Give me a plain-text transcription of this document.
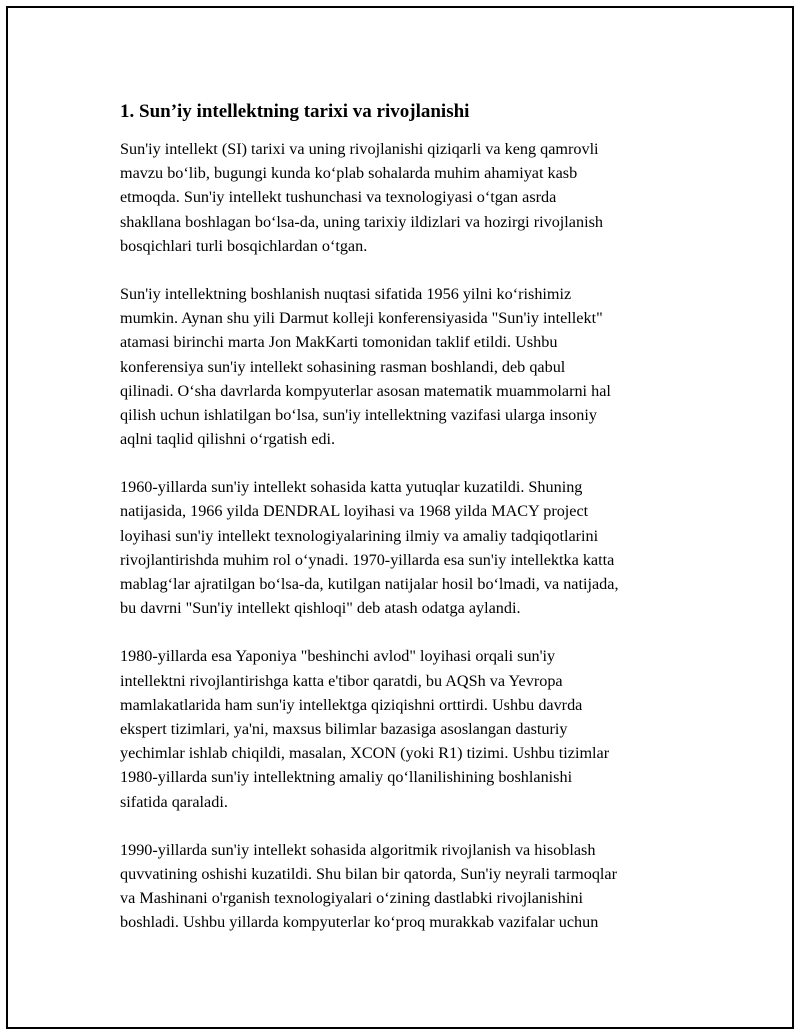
1. Sun’iy intellektning tarixi va rivojlanishi

Sun'iy intellekt (SI) tarixi va uning rivojlanishi qiziqarli va keng qamrovli
mavzu bo‘lib, bugungi kunda ko‘plab sohalarda muhim ahamiyat kasb
etmoqda. Sun'iy intellekt tushunchasi va texnologiyasi o‘tgan asrda
shakllana boshlagan bo‘lsa-da, uning tarixiy ildizlari va hozirgi rivojlanish
bosqichlari turli bosqichlardan o‘tgan.

Sun'iy intellektning boshlanish nuqtasi sifatida 1956 yilni ko‘rishimiz
mumkin. Aynan shu yili Darmut kolleji konferensiyasida "Sun'iy intellekt"
atamasi birinchi marta Jon MakKarti tomonidan taklif etildi. Ushbu
konferensiya sun'iy intellekt sohasining rasman boshlandi, deb qabul
qilinadi. O‘sha davrlarda kompyuterlar asosan matematik muammolarni hal
qilish uchun ishlatilgan bo‘lsa, sun'iy intellektning vazifasi ularga insoniy
aqlni taqlid qilishni o‘rgatish edi.

1960-yillarda sun'iy intellekt sohasida katta yutuqlar kuzatildi. Shuning
natijasida, 1966 yilda DENDRAL loyihasi va 1968 yilda MACY project
loyihasi sun'iy intellekt texnologiyalarining ilmiy va amaliy tadqiqotlarini
rivojlantirishda muhim rol o‘ynadi. 1970-yillarda esa sun'iy intellektka katta
mablag‘lar ajratilgan bo‘lsa-da, kutilgan natijalar hosil bo‘lmadi, va natijada,
bu davrni "Sun'iy intellekt qishloqi" deb atash odatga aylandi.

1980-yillarda esa Yaponiya "beshinchi avlod" loyihasi orqali sun'iy
intellektni rivojlantirishga katta e'tibor qaratdi, bu AQSh va Yevropa
mamlakatlarida ham sun'iy intellektga qiziqishni orttirdi. Ushbu davrda
ekspert tizimlari, ya'ni, maxsus bilimlar bazasiga asoslangan dasturiy
yechimlar ishlab chiqildi, masalan, XCON (yoki R1) tizimi. Ushbu tizimlar
1980-yillarda sun'iy intellektning amaliy qo‘llanilishining boshlanishi
sifatida qaraladi.

1990-yillarda sun'iy intellekt sohasida algoritmik rivojlanish va hisoblash
quvvatining oshishi kuzatildi. Shu bilan bir qatorda, Sun'iy neyrali tarmoqlar
va Mashinani o'rganish texnologiyalari o‘zining dastlabki rivojlanishini
boshladi. Ushbu yillarda kompyuterlar ko‘proq murakkab vazifalar uchun
